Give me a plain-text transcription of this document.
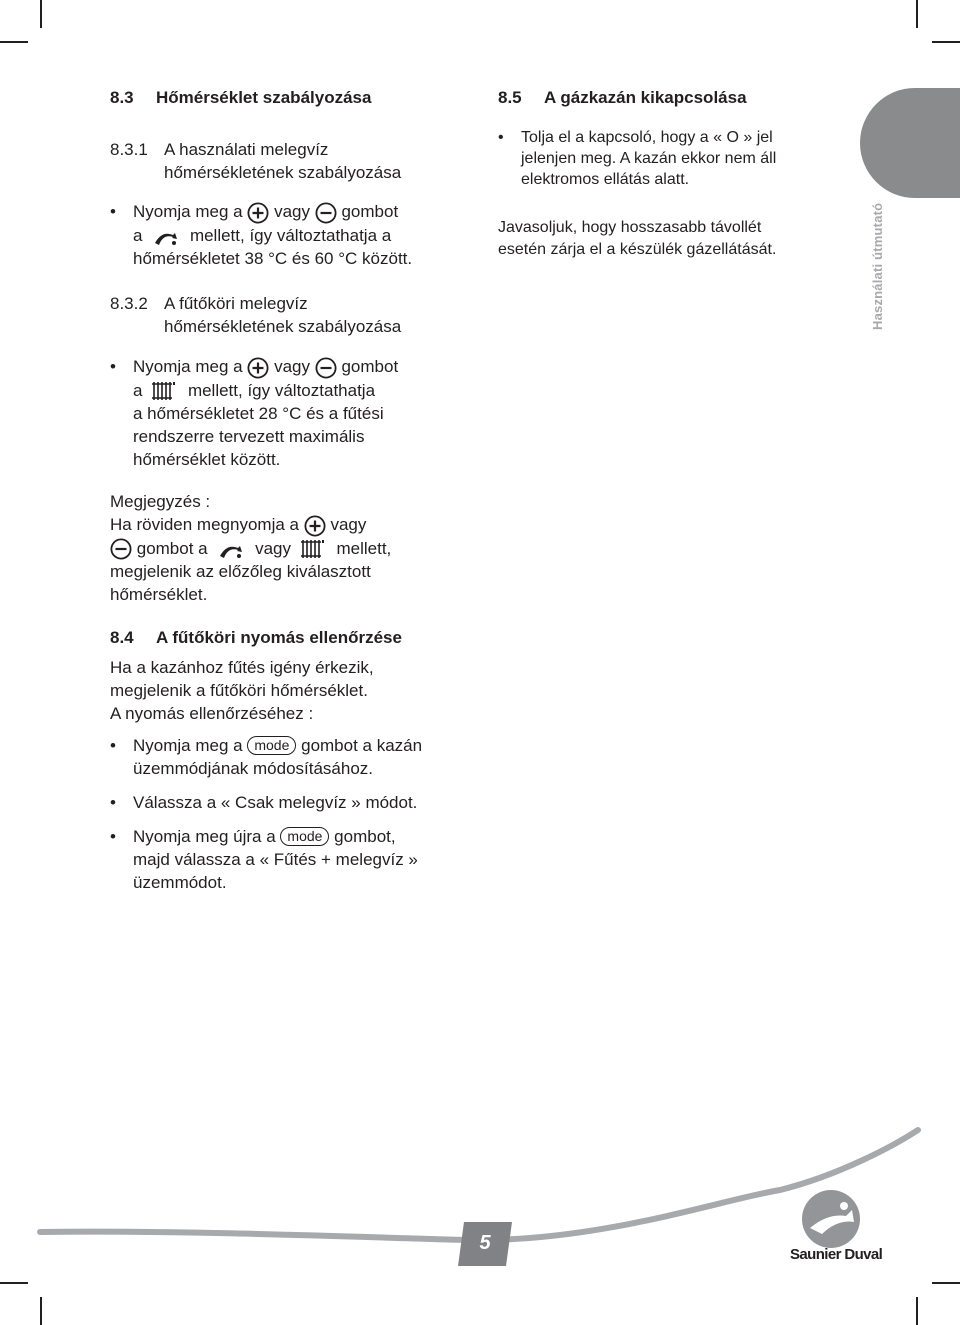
Használati útmutató
8.3 Hőmérséklet szabályozása
8.3.1 A használati melegvíz
hőmérsékletének szabályozása
• Nyomja meg a vagy gombot
a	mellett, így változtathatja a
hőmérsékletet 38 °C és 60 °C között.
8.3.2 A fűtőköri melegvíz
hőmérsékletének szabályozása
• Nyomja meg a vagy gombot
a	mellett, így változtathatja
a hőmérsékletet 28 °C és a fűtési
rendszerre tervezett maximális
hőmérséklet között.
Megjegyzés :
Ha röviden megnyomja a vagy
gombot a	vagy	mellett,
megjelenik az előzőleg kiválasztott
hőmérséklet.
8.4 A fűtőköri nyomás ellenőrzése
Ha a kazánhoz fűtés igény érkezik,
megjelenik a fűtőköri hőmérséklet.
A nyomás ellenőrzéséhez :
• Nyomja meg a mode gombot a kazán
üzemmódjának módosításához.
• Válassza a « Csak melegvíz » módot.
• Nyomja meg újra a mode gombot,
majd válassza a « Fűtés + melegvíz »
üzemmódot.
8.5 A gázkazán kikapcsolása
• Tolja el a kapcsoló, hogy a « O » jel
jelenjen meg. A kazán ekkor nem áll
elektromos ellátás alatt.
Javasoljuk, hogy hosszasabb távollét
esetén zárja el a készülék gázellátását.
5
Saunier Duval
